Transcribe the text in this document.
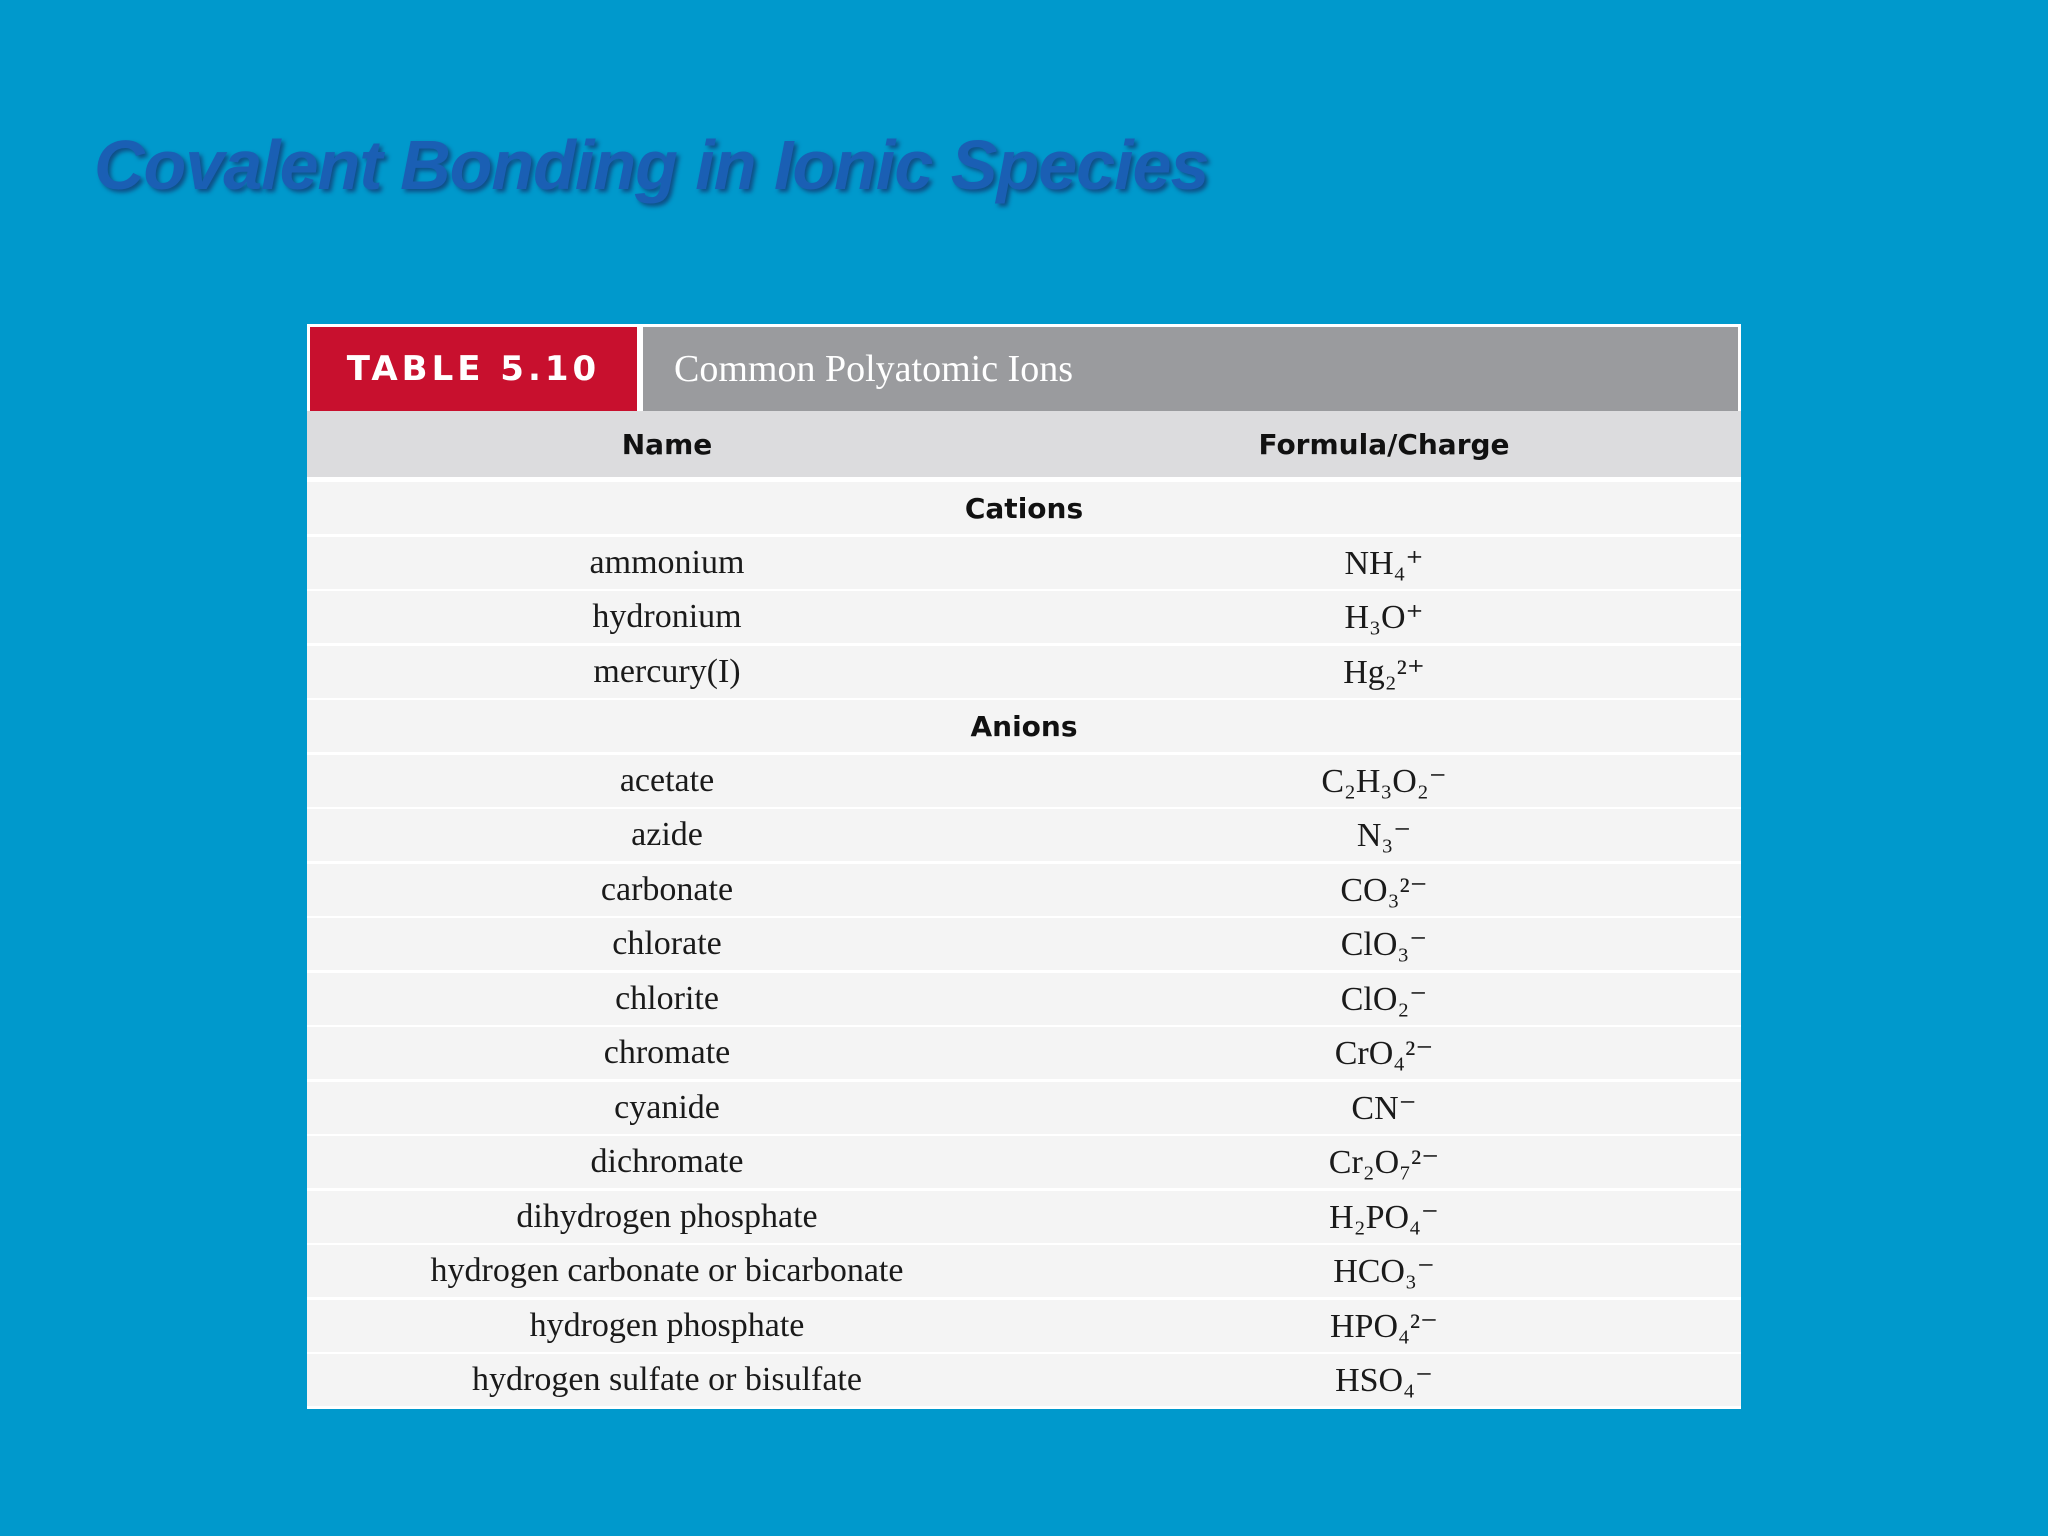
Covalent Bonding in Ionic Species
TABLE 5.10	Common Polyatomic Ions
Name	Formula/Charge
Cations
ammonium	NH₄⁺
hydronium	H₃O⁺
mercury(I)	Hg₂²⁺
Anions
acetate	C₂H₃O₂⁻
azide	N₃⁻
carbonate	CO₃²⁻
chlorate	ClO₃⁻
chlorite	ClO₂⁻
chromate	CrO₄²⁻
cyanide	CN⁻
dichromate	Cr₂O₇²⁻
dihydrogen phosphate	H₂PO₄⁻
hydrogen carbonate or bicarbonate	HCO₃⁻
hydrogen phosphate	HPO₄²⁻
hydrogen sulfate or bisulfate	HSO₄⁻
